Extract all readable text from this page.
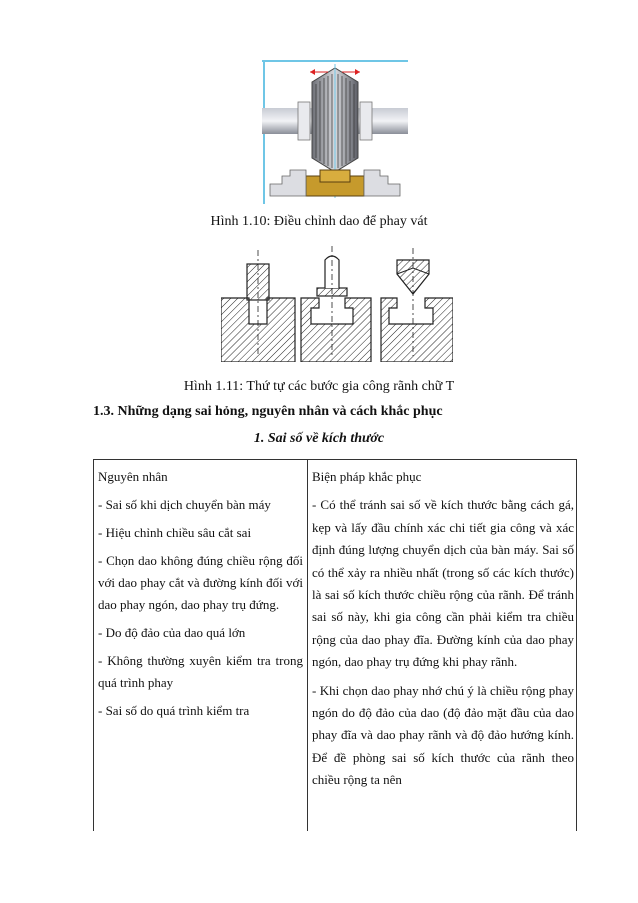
Hình 1.10: Điều chỉnh dao để phay vát
Hình 1.11: Thứ tự các bước gia công rãnh chữ T
1.3. Những dạng sai hỏng, nguyên nhân và cách khắc phục
1. Sai số về kích thước

Nguyên nhân

- Sai số khi dịch chuyển bàn máy

- Hiệu chỉnh chiều sâu cắt sai

- Chọn dao không đúng chiều rộng đối với dao phay cắt và đường kính đối với dao phay ngón, dao phay trụ đứng.

- Do độ đảo của dao quá lớn

- Không thường xuyên kiểm tra trong quá trình phay

- Sai số do quá trình kiểm tra

Biện pháp khắc phục

- Có thể tránh sai số về kích thước bằng cách gá, kẹp và lấy đầu chính xác chi tiết gia công và xác định đúng lượng chuyển dịch của bàn máy. Sai số có thể xảy ra nhiều nhất (trong số các kích thước) là sai số kích thước chiều rộng của rãnh. Để tránh sai số này, khi gia công cần phải kiểm tra chiều rộng của dao phay đĩa. Đường kính của dao phay ngón, dao phay trụ đứng khi phay rãnh.

- Khi chọn dao phay nhớ chú ý là chiều rộng phay ngón do độ đảo của dao (độ đảo mặt đầu của dao phay đĩa và dao phay rãnh và độ đảo hướng kính. Để đề phòng sai số kích thước của rãnh theo chiều rộng ta nên
